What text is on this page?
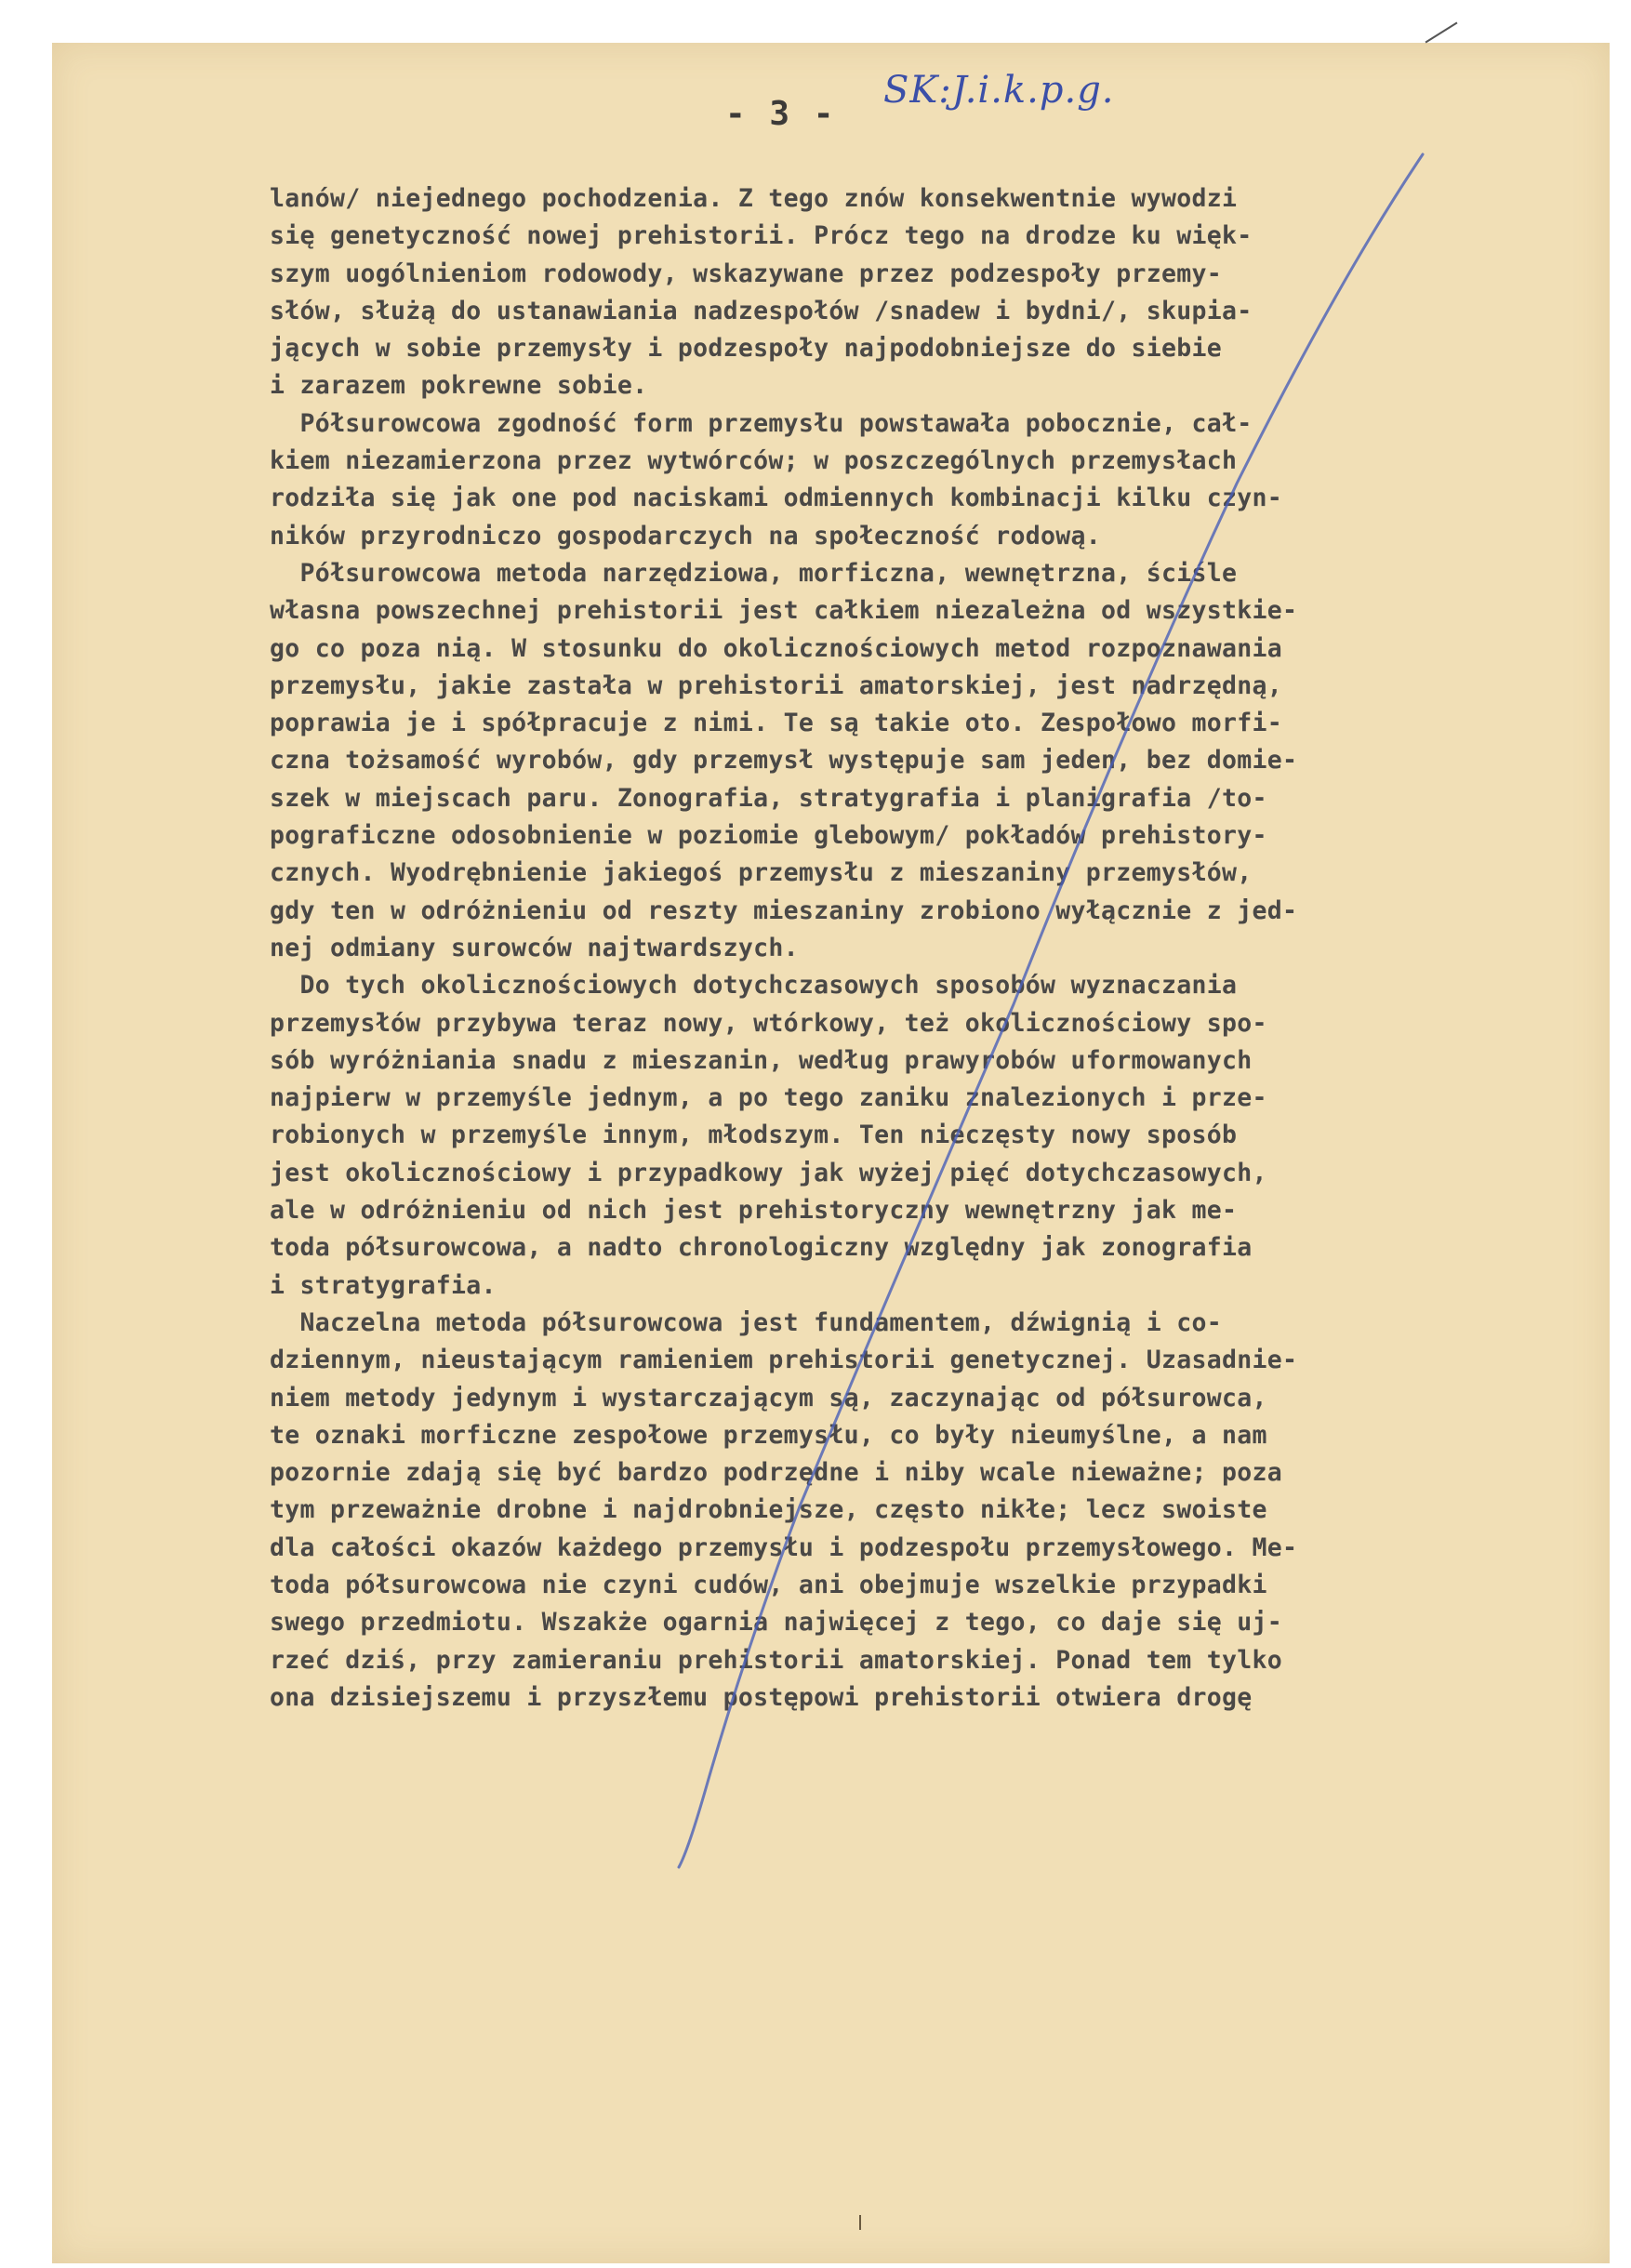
- 3 -
SK:J.i.k.p.g.
lanów/ niejednego pochodzenia. Z tego znów konsekwentnie wywodzi
się genetyczność nowej prehistorii. Prócz tego na drodze ku więk-
szym uogólnieniom rodowody, wskazywane przez podzespoły przemy-
słów, służą do ustanawiania nadzespołów /snadew i bydni/, skupia-
jących w sobie przemysły i podzespoły najpodobniejsze do siebie
i zarazem pokrewne sobie.
Półsurowcowa zgodność form przemysłu powstawała pobocznie, cał-
kiem niezamierzona przez wytwórców; w poszczególnych przemysłach
rodziła się jak one pod naciskami odmiennych kombinacji kilku czyn-
ników przyrodniczo gospodarczych na społeczność rodową.
Półsurowcowa metoda narzędziowa, morficzna, wewnętrzna, ściśle
własna powszechnej prehistorii jest całkiem niezależna od wszystkie-
go co poza nią. W stosunku do okolicznościowych metod rozpoznawania
przemysłu, jakie zastała w prehistorii amatorskiej, jest nadrzędną,
poprawia je i spółpracuje z nimi. Te są takie oto. Zespołowo morfi-
czna tożsamość wyrobów, gdy przemysł występuje sam jeden, bez domie-
szek w miejscach paru. Zonografia, stratygrafia i planigrafia /to-
pograficzne odosobnienie w poziomie glebowym/ pokładów prehistory-
cznych. Wyodrębnienie jakiegoś przemysłu z mieszaniny przemysłów,
gdy ten w odróżnieniu od reszty mieszaniny zrobiono wyłącznie z jed-
nej odmiany surowców najtwardszych.
Do tych okolicznościowych dotychczasowych sposobów wyznaczania
przemysłów przybywa teraz nowy, wtórkowy, też okolicznościowy spo-
sób wyróżniania snadu z mieszanin, według prawyrobów uformowanych
najpierw w przemyśle jednym, a po tego zaniku znalezionych i prze-
robionych w przemyśle innym, młodszym. Ten nieczęsty nowy sposób
jest okolicznościowy i przypadkowy jak wyżej pięć dotychczasowych,
ale w odróżnieniu od nich jest prehistoryczny wewnętrzny jak me-
toda półsurowcowa, a nadto chronologiczny względny jak zonografia
i stratygrafia.
Naczelna metoda półsurowcowa jest fundamentem, dźwignią i co-
dziennym, nieustającym ramieniem prehistorii genetycznej. Uzasadnie-
niem metody jedynym i wystarczającym są, zaczynając od półsurowca,
te oznaki morficzne zespołowe przemysłu, co były nieumyślne, a nam
pozornie zdają się być bardzo podrzędne i niby wcale nieważne; poza
tym przeważnie drobne i najdrobniejsze, często nikłe; lecz swoiste
dla całości okazów każdego przemysłu i podzespołu przemysłowego. Me-
toda półsurowcowa nie czyni cudów, ani obejmuje wszelkie przypadki
swego przedmiotu. Wszakże ogarnia najwięcej z tego, co daje się uj-
rzeć dziś, przy zamieraniu prehistorii amatorskiej. Ponad tem tylko
ona dzisiejszemu i przyszłemu postępowi prehistorii otwiera drogę
